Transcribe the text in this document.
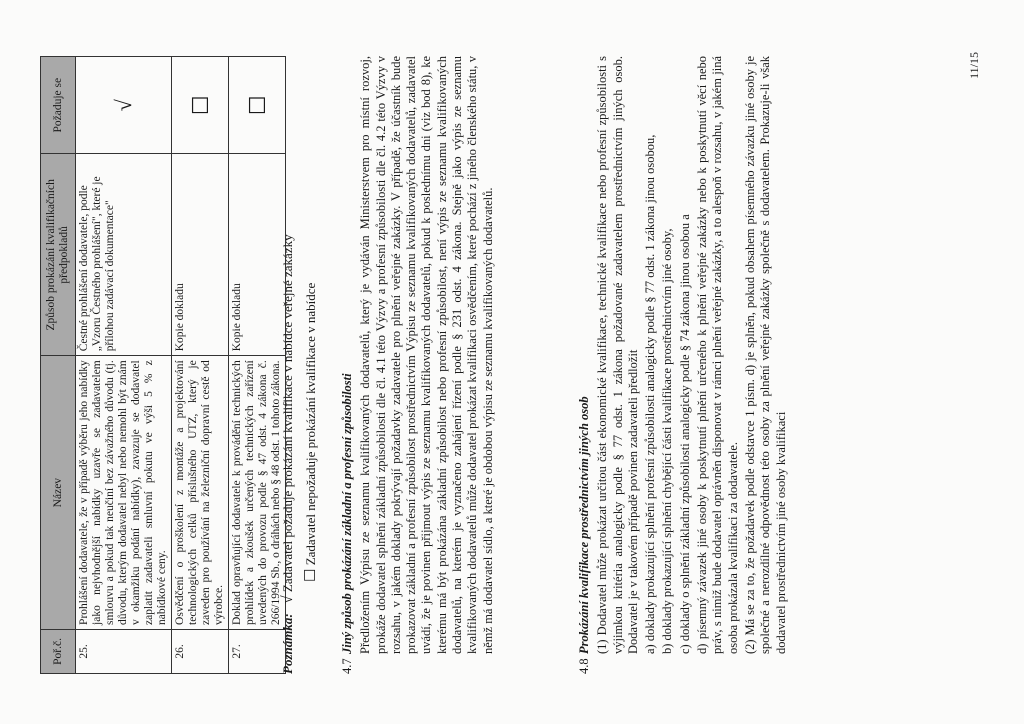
Poř.č.	Název	Způsob prokázání kvalifikačních předpokladů	Požaduje se
25.	Prohlášení dodavatele, že v případě výběru jeho nabídky jako nejvhodnější nabídky uzavře se zadavatelem smlouvu a pokud tak neučiní bez závažného důvodu (tj. důvodu, kterým dodavatel nebyl nebo nemohl být znám v okamžiku podání nabídky), zavazuje se dodavatel zaplatit zadavateli smluvní pokutu ve výši 5 % z nabídkové ceny.	Čestné prohlášení dodavatele, podle „Vzoru Čestného prohlášení", které je přílohou zadávací dokumentace"	√
26.	Osvědčení o proškolení z montáže a projektování technologických celků příslušného UTZ, který je zaveden pro používání na železniční dopravní cestě od výrobce.	Kopie dokladu	☐
27.	Doklad opravňující dodavatele k provádění technických prohlídek a zkoušek určených technických zařízení uvedených do provozu podle § 47 odst. 4 zákona č. 266/1994 Sb., o dráhách nebo § 48 odst. 1 tohoto zákona.	Kopie dokladu	☐
Poznámka:   √ Zadavatel požaduje prokázání kvalifikace v nabídce veřejné zakázky ☐ Zadavatel nepožaduje prokázání kvalifikace v nabídce
4.7
Jiný způsob prokázání základní a profesní způsobilosti Předložením Výpisu ze seznamu kvalifikovaných dodavatelů, který je vydáván Ministerstvem pro místní rozvoj, prokáže dodavatel splnění základní způsobilosti dle čl. 4.1 této Výzvy a profesní způsobilosti dle čl. 4.2 této Výzvy v rozsahu, v jakém doklady pokrývají požadavky zadavatele pro plnění veřejné zakázky. V případě, že účastník bude prokazovat základní a profesní způsobilost prostřednictvím Výpisu ze seznamu kvalifikovaných dodavatelů, zadavatel uvádí, že je povinen přijmout výpis ze seznamu kvalifikovaných dodavatelů, pokud k poslednímu dni (viz bod 8), ke kterému má být prokázána základní způsobilost nebo profesní způsobilost, není výpis ze seznamu kvalifikovaných dodavatelů, na kterém je vyznačeno zahájení řízení podle § 231 odst. 4 zákona. Stejně jako výpis ze seznamu kvalifikovaných dodavatelů může dodavatel prokázat kvalifikaci osvědčením, které pochází z jiného členského státu, v němž má dodavatel sídlo, a které je obdobou výpisu ze seznamu kvalifikovaných dodavatelů.

4.8
Prokázání kvalifikace prostřednictvím jiných osob (1) Dodavatel může prokázat určitou část ekonomické kvalifikace, technické kvalifikace nebo profesní způsobilosti s výjimkou kritéria analogicky podle § 77 odst. 1 zákona požadované zadavatelem prostřednictvím jiných osob. Dodavatel je v takovém případě povinen zadavateli předložit a) doklady prokazující splnění profesní způsobilosti analogicky podle § 77 odst. 1 zákona jinou osobou, b) doklady prokazující splnění chybějící části kvalifikace prostřednictvím jiné osoby, c) doklady o splnění základní způsobilosti analogicky podle § 74 zákona jinou osobou a d) písemný závazek jiné osoby k poskytnutí plnění určeného k plnění veřejné zakázky nebo k poskytnutí věcí nebo práv, s nimiž bude dodavatel oprávněn disponovat v rámci plnění veřejné zakázky, a to alespoň v rozsahu, v jakém jiná osoba prokázala kvalifikaci za dodavatele. (2) Má se za to, že požadavek podle odstavce 1 písm. d) je splněn, pokud obsahem písemného závazku jiné osoby je společné a nerozdílné odpovědnost této osoby za plnění veřejné zakázky společně s dodavatelem. Prokazuje-li však dodavatel prostřednictvím jiné osoby kvalifikaci

11/15
